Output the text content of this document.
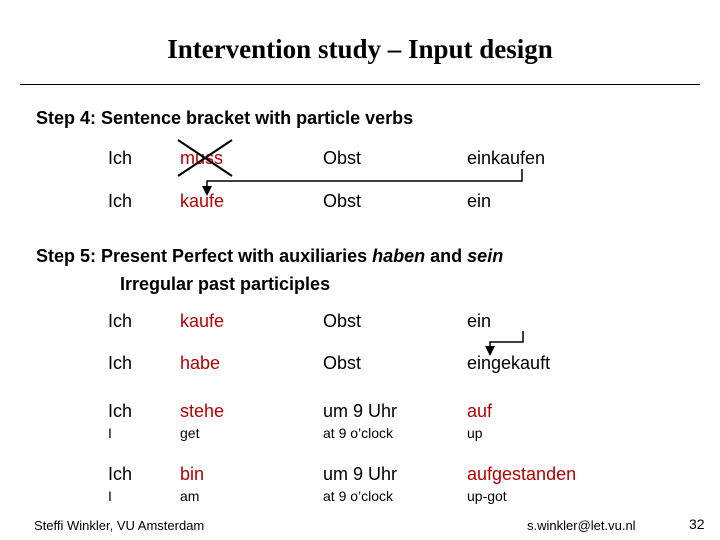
Intervention study – Input design
Step 4: Sentence bracket with particle verbs
Ich	muss	Obst	einkaufen
Ich	kaufe	Obst	ein
Step 5: Present Perfect with auxiliaries haben and sein
Irregular past participles
Ich	kaufe	Obst	ein
Ich	habe	Obst	eingekauft
Ich	stehe	um 9 Uhr	auf
I	get	at 9 o’clock	up
Ich	bin	um 9 Uhr	aufgestanden
I	am	at 9 o’clock	up-got
Steffi Winkler, VU Amsterdam	s.winkler@let.vu.nl	32
